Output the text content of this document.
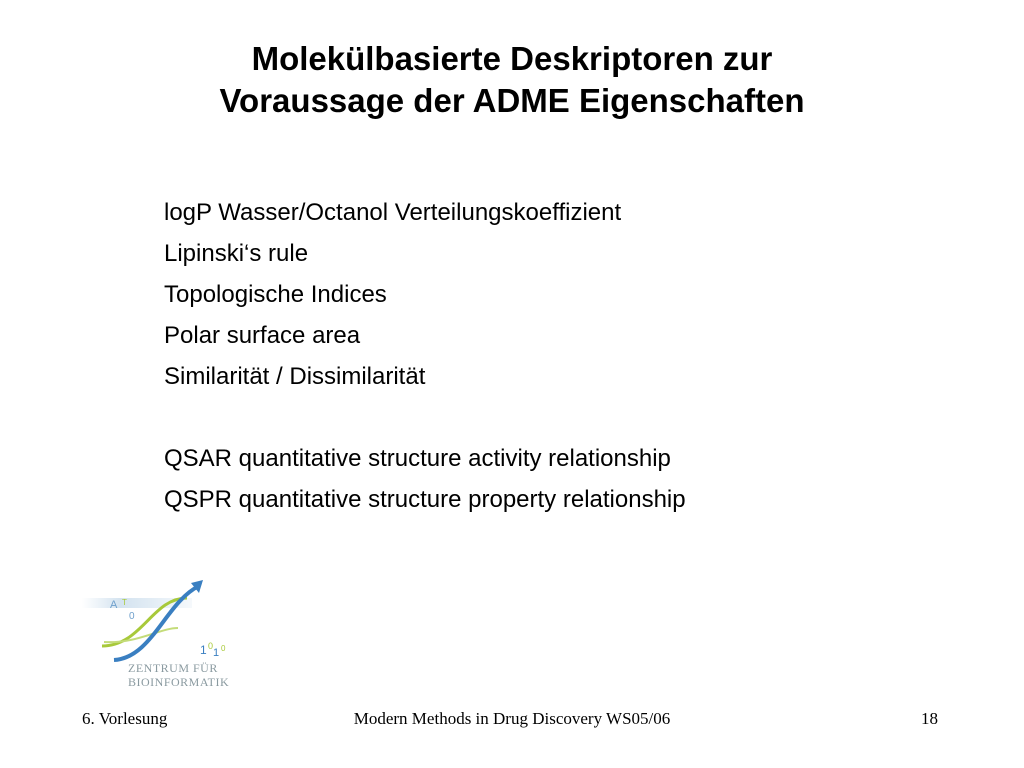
Molekülbasierte Deskriptoren zur
Voraussage der ADME Eigenschaften
logP Wasser/Octanol Verteilungskoeffizient
Lipinski‘s rule
Topologische Indices
Polar surface area
Similarität / Dissimilarität
QSAR quantitative structure activity relationship
QSPR quantitative structure property relationship
A T
0
1 0
1 0
ZENTRUM FÜR
BIOINFORMATIK
6. Vorlesung	Modern Methods in Drug Discovery WS05/06	18
